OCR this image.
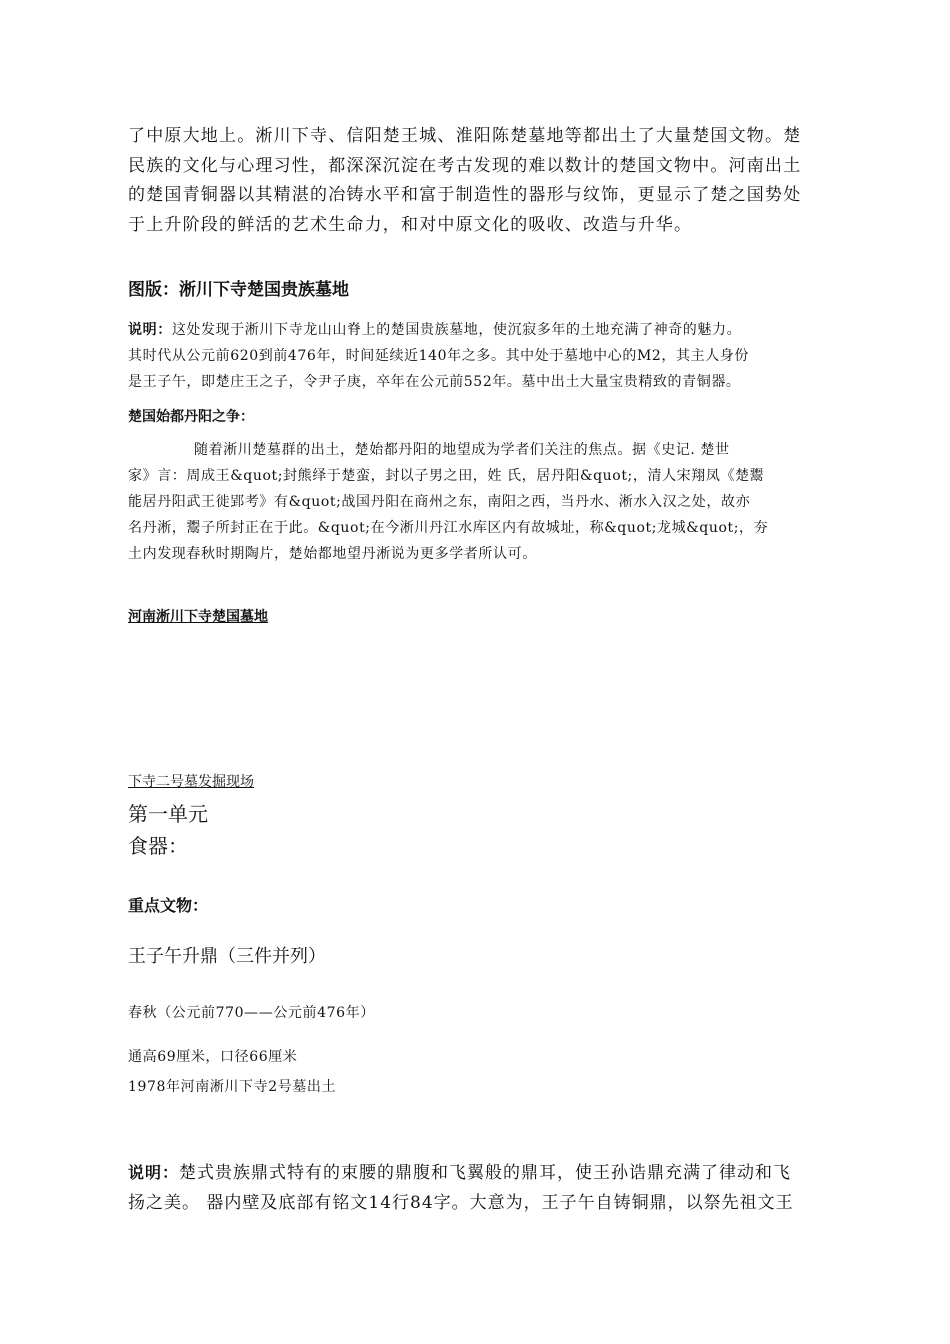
了中原大地上。淅川下寺、信阳楚王城、淮阳陈楚墓地等都出土了大量楚国文物。楚

民族的文化与心理习性，都深深沉淀在考古发现的难以数计的楚国文物中。河南出土

的楚国青铜器以其精湛的冶铸水平和富于制造性的器形与纹饰，更显示了楚之国势处

于上升阶段的鲜活的艺术生命力，和对中原文化的吸收、改造与升华。

图版：淅川下寺楚国贵族墓地

说明：这处发现于淅川下寺龙山山脊上的楚国贵族墓地，使沉寂多年的土地充满了神奇的魅力。

其时代从公元前620到前476年，时间延续近140年之多。其中处于墓地中心的M2，其主人身份

是王子午，即楚庄王之子，令尹子庚，卒年在公元前552年。墓中出土大量宝贵精致的青铜器。

楚国始都丹阳之争：

随着淅川楚墓群的出土，楚始都丹阳的地望成为学者们关注的焦点。据《史记. 楚世

家》言：周成王&quot;封熊绎于楚蛮，封以子男之田，姓 氏，居丹阳&quot;，清人宋翔凤《楚鬻

能居丹阳武王徙郢考》有&quot;战国丹阳在商州之东，南阳之西，当丹水、淅水入汉之处，故亦

名丹淅，鬻子所封正在于此。&quot;在今淅川丹江水库区内有故城址，称&quot;龙城&quot;，夯

土内发现春秋时期陶片，楚始都地望丹淅说为更多学者所认可。

河南淅川下寺楚国墓地

下寺二号墓发掘现场

第一单元

食器：

重点文物：

王子午升鼎（三件并列）

春秋（公元前770——公元前476年）

通高69厘米，口径66厘米

1978年河南淅川下寺2号墓出土

说明：楚式贵族鼎式特有的束腰的鼎腹和飞翼般的鼎耳，使王孙诰鼎充满了律动和飞

扬之美。 器内壁及底部有铭文14行84字。大意为，王子午自铸铜鼎，以祭先祖文王
